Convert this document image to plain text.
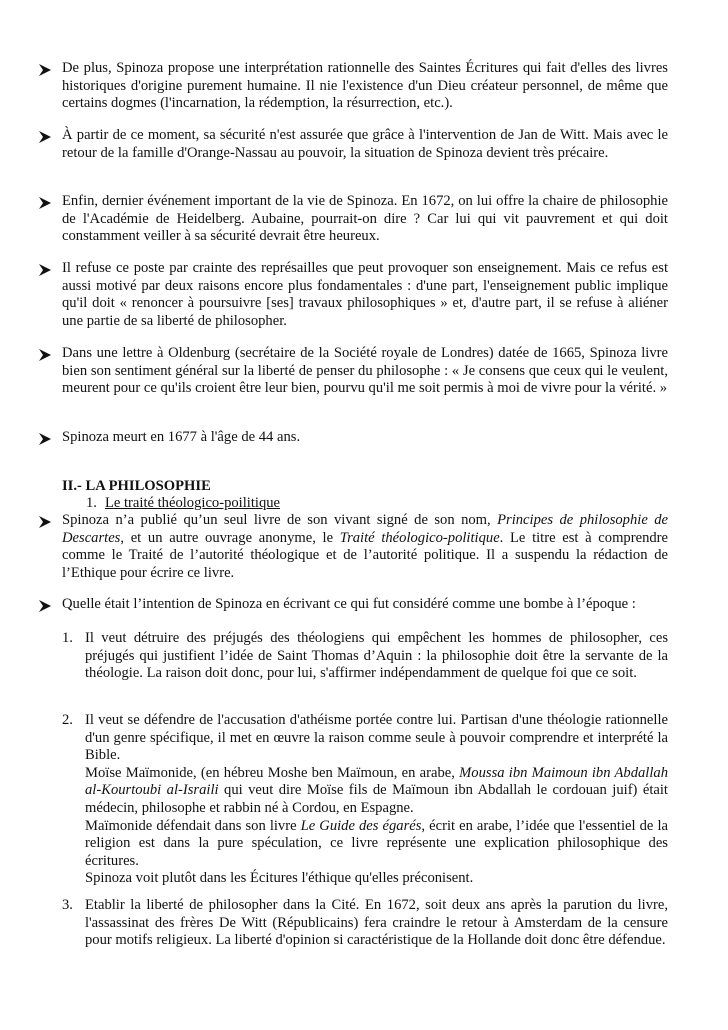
De plus, Spinoza propose une interprétation rationnelle des Saintes Écritures qui fait d'elles des livres historiques d'origine purement humaine. Il nie l'existence d'un Dieu créateur personnel, de même que certains dogmes (l'incarnation, la rédemption, la résurrection, etc.).
À partir de ce moment, sa sécurité n'est assurée que grâce à l'intervention de Jan de Witt. Mais avec le retour de la famille d'Orange-Nassau au pouvoir, la situation de Spinoza devient très précaire.
Enfin, dernier événement important de la vie de Spinoza. En 1672, on lui offre la chaire de philosophie de l'Académie de Heidelberg. Aubaine, pourrait-on dire ? Car lui qui vit pauvrement et qui doit constamment veiller à sa sécurité devrait être heureux.
Il refuse ce poste par crainte des représailles que peut provoquer son enseignement. Mais ce refus est aussi motivé par deux raisons encore plus fondamentales : d'une part, l'enseignement public implique qu'il doit « renoncer à poursuivre [ses] travaux philosophiques » et, d'autre part, il se refuse à aliéner une partie de sa liberté de philosopher.
Dans une lettre à Oldenburg (secrétaire de la Société royale de Londres) datée de 1665, Spinoza livre bien son sentiment général sur la liberté de penser du philosophe : « Je consens que ceux qui le veulent, meurent pour ce qu'ils croient être leur bien, pourvu qu'il me soit permis à moi de vivre pour la vérité. »
Spinoza meurt en 1677 à l'âge de 44 ans.
II.- LA PHILOSOPHIE
1. Le traité théologico-poilitique
Spinoza n’a publié qu’un seul livre de son vivant signé de son nom, Principes de philosophie de Descartes, et un autre ouvrage anonyme, le Traité théologico-politique. Le titre est à comprendre comme le Traité de l’autorité théologique et de l’autorité politique. Il a suspendu la rédaction de l’Ethique pour écrire ce livre.
Quelle était l’intention de Spinoza en écrivant ce qui fut considéré comme une bombe à l’époque :
1. Il veut détruire des préjugés des théologiens qui empêchent les hommes de philosopher, ces préjugés qui justifient l’idée de Saint Thomas d’Aquin : la philosophie doit être la servante de la théologie. La raison doit donc, pour lui, s'affirmer indépendamment de quelque foi que ce soit.
2. Il veut se défendre de l'accusation d'athéisme portée contre lui. Partisan d'une théologie rationnelle d'un genre spécifique, il met en œuvre la raison comme seule à pouvoir comprendre et interprété la Bible.
Moïse Maïmonide, (en hébreu Moshe ben Maïmoun, en arabe, Moussa ibn Maimoun ibn Abdallah al-Kourtoubi al-Israili qui veut dire Moïse fils de Maïmoun ibn Abdallah le cordouan juif) était médecin, philosophe et rabbin né à Cordou, en Espagne.
Maïmonide défendait dans son livre Le Guide des égarés, écrit en arabe, l’idée que l'essentiel de la religion est dans la pure spéculation, ce livre représente une explication philosophique des écritures.
Spinoza voit plutôt dans les Écitures l'éthique qu'elles préconisent.
3. Etablir la liberté de philosopher dans la Cité. En 1672, soit deux ans après la parution du livre, l'assassinat des frères De Witt (Républicains) fera craindre le retour à Amsterdam de la censure pour motifs religieux. La liberté d'opinion si caractéristique de la Hollande doit donc être défendue.
